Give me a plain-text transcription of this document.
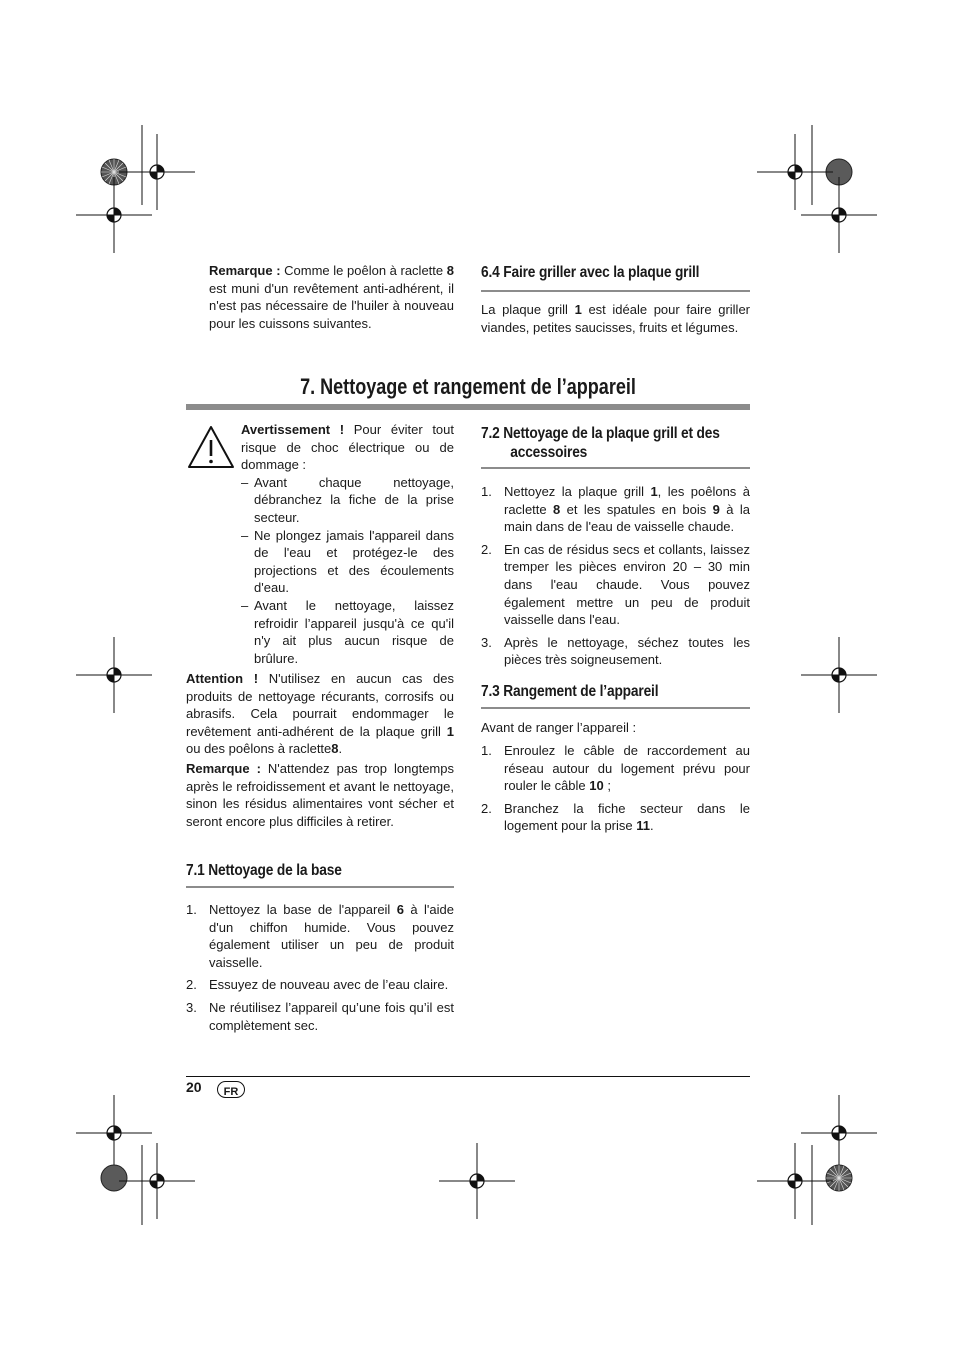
Remarque : Comme le poêlon à raclette 8 est muni d'un revêtement anti-adhérent, il n'est pas nécessaire de l'huiler à nouveau pour les cuissons suivantes.
6.4 Faire griller avec la plaque grill
La plaque grill 1 est idéale pour faire griller viandes, petites saucisses, fruits et légumes.
7. Nettoyage et rangement de l’appareil
Avertissement ! Pour éviter tout risque de choc électrique ou de dommage :
– Avant chaque nettoyage, débranchez la fiche de la prise secteur.
– Ne plongez jamais l'appareil dans de l'eau et protégez-le des projections et des écoulements d'eau.
– Avant le nettoyage, laissez refroidir l’appareil jusqu'à ce qu'il n'y ait plus aucun risque de brûlure.
Attention ! N'utilisez en aucun cas des produits de nettoyage récurants, corrosifs ou abrasifs. Cela pourrait endommager le revêtement anti-adhérent de la plaque grill 1 ou des poêlons à raclette8.
Remarque : N'attendez pas trop longtemps après le refroidissement et avant le nettoyage, sinon les résidus alimentaires vont sécher et seront encore plus difficiles à retirer.
7.1 Nettoyage de la base
1. Nettoyez la base de l'appareil 6 à l'aide d'un chiffon humide. Vous pouvez également utiliser un peu de produit vaisselle.
2. Essuyez de nouveau avec de l’eau claire.
3. Ne réutilisez l’appareil qu’une fois qu’il est complètement sec.
7.2 Nettoyage de la plaque grill et des
accessoires
1. Nettoyez la plaque grill 1, les poêlons à raclette 8 et les spatules en bois 9 à la main dans de l'eau de vaisselle chaude.
2. En cas de résidus secs et collants, laissez tremper les pièces environ 20 – 30 min dans l'eau chaude. Vous pouvez également mettre un peu de produit vaisselle dans l'eau.
3. Après le nettoyage, séchez toutes les pièces très soigneusement.
7.3 Rangement de l’appareil
Avant de ranger l’appareil :
1. Enroulez le câble de raccordement au réseau autour du logement prévu pour rouler le câble 10 ;
2. Branchez la fiche secteur dans le logement pour la prise 11.
20	FR
